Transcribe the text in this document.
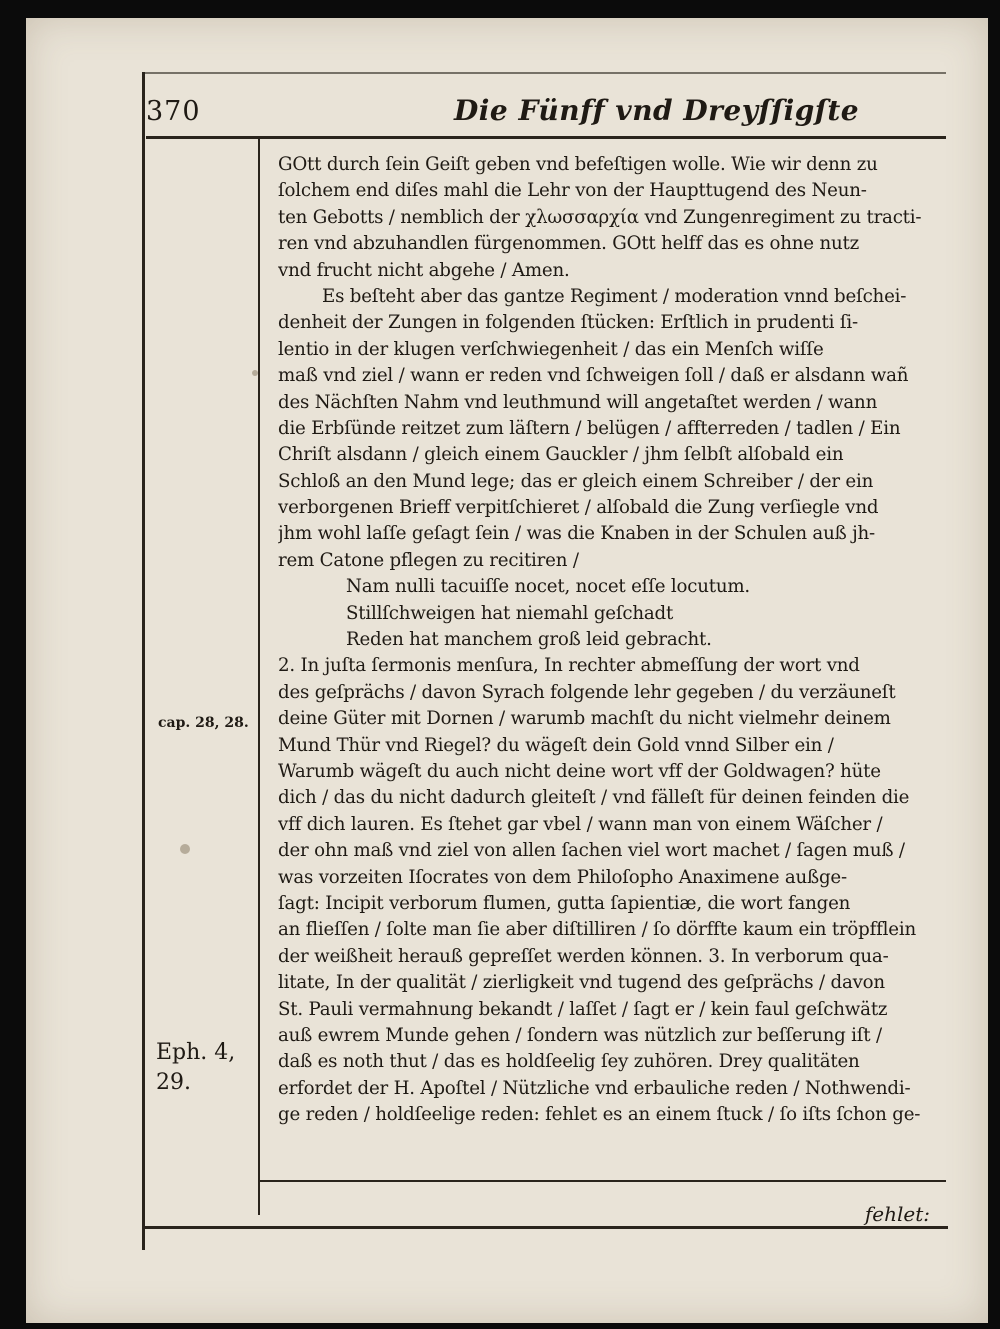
370	Die Fünff vnd Dreyſſigſte
cap. 28, 28.
Eph. 4,
29.
GOtt durch ſein Geiſt geben vnd befeſtigen wolle. Wie wir denn zu
ſolchem end diſes mahl die Lehr von der Haupttugend des Neun-
ten Gebotts / nemblich der χλωσσαρχία vnd Zungenregiment zu tracti-
ren vnd abzuhandlen fürgenommen. GOtt helff das es ohne nutz
vnd frucht nicht abgehe / Amen.
Es beſteht aber das gantze Regiment / moderation vnnd beſchei-
denheit der Zungen in folgenden ſtücken: Erſtlich in prudenti ſi-
lentio in der klugen verſchwiegenheit / das ein Menſch wiſſe
maß vnd ziel / wann er reden vnd ſchweigen ſoll / daß er alsdann wañ
des Nächſten Nahm vnd leuthmund will angetaſtet werden / wann
die Erbſünde reitzet zum läſtern / belügen / affterreden / tadlen / Ein
Chriſt alsdann / gleich einem Gauckler / jhm ſelbſt alſobald ein
Schloß an den Mund lege; das er gleich einem Schreiber / der ein
verborgenen Brieff verpitſchieret / alſobald die Zung verſiegle vnd
jhm wohl laſſe geſagt ſein / was die Knaben in der Schulen auß jh-
rem Catone pflegen zu recitiren /
Nam nulli tacuiſſe nocet, nocet eſſe locutum.
Stillſchweigen hat niemahl geſchadt
Reden hat manchem groß leid gebracht.
2. In juſta ſermonis menſura, In rechter abmeſſung der wort vnd
des geſprächs / davon Syrach folgende lehr gegeben / du verzäuneſt
deine Güter mit Dornen / warumb machſt du nicht vielmehr deinem
Mund Thür vnd Riegel? du wägeſt dein Gold vnnd Silber ein /
Warumb wägeſt du auch nicht deine wort vff der Goldwagen? hüte
dich / das du nicht dadurch gleiteſt / vnd fälleſt für deinen feinden die
vff dich lauren. Es ſtehet gar vbel / wann man von einem Wäſcher /
der ohn maß vnd ziel von allen ſachen viel wort machet / ſagen muß /
was vorzeiten Iſocrates von dem Philoſopho Anaximene außge-
ſagt: Incipit verborum flumen, gutta ſapientiæ, die wort fangen
an flieſſen / ſolte man ſie aber diſtilliren / ſo dörffte kaum ein tröpfflein
der weißheit herauß gepreſſet werden können. 3. In verborum qua-
litate, In der qualität / zierligkeit vnd tugend des geſprächs / davon
St. Pauli vermahnung bekandt / laſſet / ſagt er / kein faul geſchwätz
auß ewrem Munde gehen / ſondern was nützlich zur beſſerung iſt /
daß es noth thut / das es holdſeelig ſey zuhören. Drey qualitäten
erfordet der H. Apoſtel / Nützliche vnd erbauliche reden / Nothwendi-
ge reden / holdſeelige reden: fehlet es an einem ſtuck / ſo iſts ſchon ge-
fehlet:
